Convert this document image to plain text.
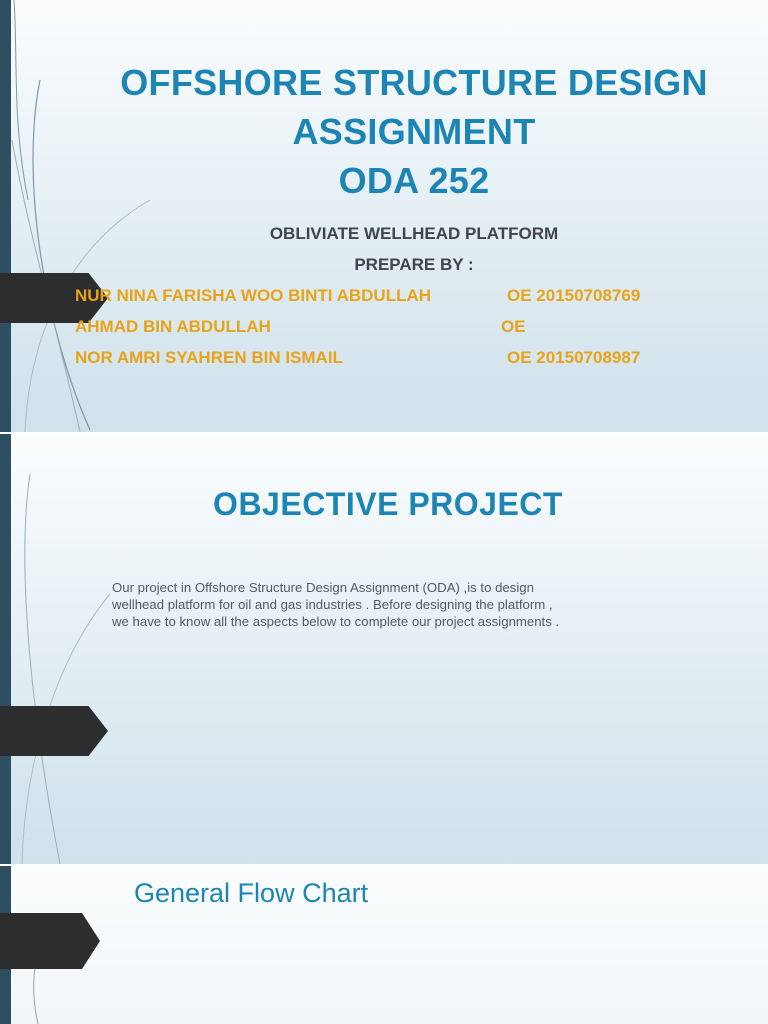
OFFSHORE STRUCTURE DESIGN
ASSIGNMENT
ODA 252
OBLIVIATE WELLHEAD PLATFORM
PREPARE BY :
NUR NINA FARISHA WOO BINTI ABDULLAH	OE 20150708769
AHMAD BIN ABDULLAH	OE
NOR AMRI SYAHREN BIN ISMAIL	OE 20150708987
OBJECTIVE PROJECT
Our project in Offshore Structure Design Assignment (ODA) ,is to design
wellhead platform for oil and gas industries . Before designing the platform ,
we have to know all the aspects below to complete our project assignments .
General Flow Chart
